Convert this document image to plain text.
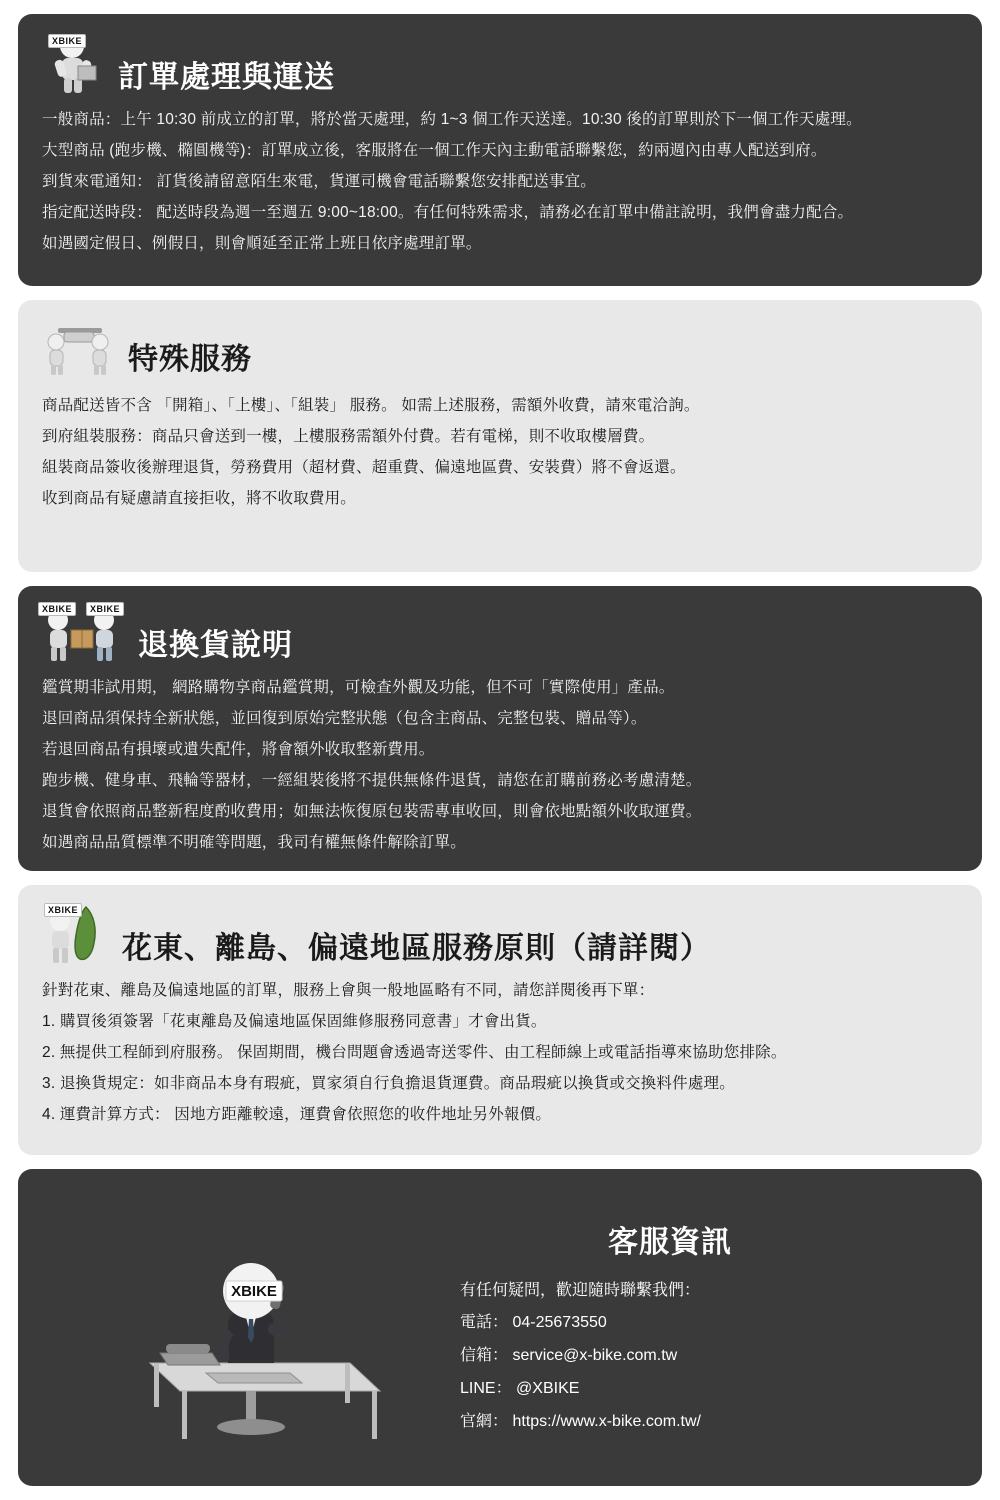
XBIKE
訂單處理與運送

一般商品：上午 10:30 前成立的訂單，將於當天處理，約 1~3 個工作天送達。10:30 後的訂單則於下一個工作天處理。

大型商品 (跑步機、橢圓機等)：訂單成立後，客服將在一個工作天內主動電話聯繫您，約兩週內由專人配送到府。

到貨來電通知： 訂貨後請留意陌生來電，貨運司機會電話聯繫您安排配送事宜。

指定配送時段： 配送時段為週一至週五 9:00~18:00。有任何特殊需求，請務必在訂單中備註說明，我們會盡力配合。

如遇國定假日、例假日，則會順延至正常上班日依序處理訂單。

特殊服務

商品配送皆不含 「開箱」、「上樓」、「組裝」 服務。 如需上述服務，需額外收費，請來電洽詢。

到府組裝服務：商品只會送到一樓，上樓服務需額外付費。若有電梯，則不收取樓層費。

組裝商品簽收後辦理退貨，勞務費用（超材費、超重費、偏遠地區費、安裝費）將不會返還。

收到商品有疑慮請直接拒收，將不收取費用。

XBIKE	XBIKE
退換貨說明

鑑賞期非試用期， 網路購物享商品鑑賞期，可檢查外觀及功能，但不可「實際使用」產品。

退回商品須保持全新狀態，並回復到原始完整狀態（包含主商品、完整包裝、贈品等）。

若退回商品有損壞或遺失配件，將會額外收取整新費用。

跑步機、健身車、飛輪等器材，一經組裝後將不提供無條件退貨，請您在訂購前務必考慮清楚。

退貨會依照商品整新程度酌收費用；如無法恢復原包裝需專車收回，則會依地點額外收取運費。

如遇商品品質標準不明確等問題，我司有權無條件解除訂單。

XBIKE
花東、離島、偏遠地區服務原則（請詳閱）

針對花東、離島及偏遠地區的訂單，服務上會與一般地區略有不同，請您詳閱後再下單：

1. 購買後須簽署「花東離島及偏遠地區保固維修服務同意書」才會出貨。

2. 無提供工程師到府服務。 保固期間，機台問題會透過寄送零件、由工程師線上或電話指導來協助您排除。

3. 退換貨規定：如非商品本身有瑕疵，買家須自行負擔退貨運費。商品瑕疵以換貨或交換料件處理。

4. 運費計算方式： 因地方距離較遠，運費會依照您的收件地址另外報價。

XBIKE
客服資訊

有任何疑問，歡迎隨時聯繫我們：

電話： 04-25673550

信箱： service@x-bike.com.tw

LINE： @XBIKE

官網： https://www.x-bike.com.tw/
